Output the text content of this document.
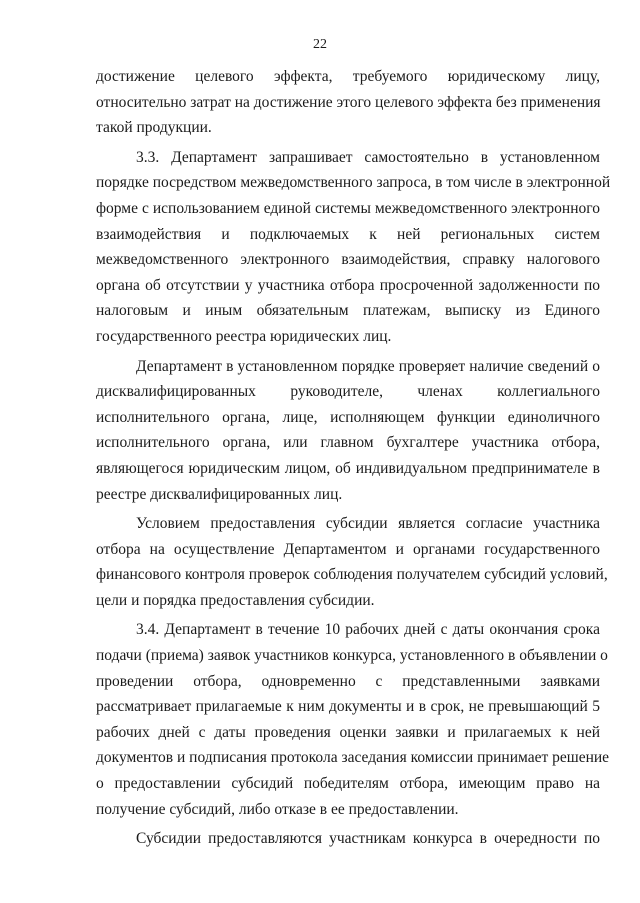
22
достижение целевого эффекта, требуемого юридическому лицу,
относительно затрат на достижение этого целевого эффекта без применения
такой продукции.
3.3. Департамент запрашивает самостоятельно в установленном
порядке посредством межведомственного запроса, в том числе в электронной
форме с использованием единой системы межведомственного электронного
взаимодействия и подключаемых к ней региональных систем
межведомственного электронного взаимодействия, справку налогового
органа об отсутствии у участника отбора просроченной задолженности по
налоговым и иным обязательным платежам, выписку из Единого
государственного реестра юридических лиц.
Департамент в установленном порядке проверяет наличие сведений о
дисквалифицированных руководителе, членах коллегиального
исполнительного органа, лице, исполняющем функции единоличного
исполнительного органа, или главном бухгалтере участника отбора,
являющегося юридическим лицом, об индивидуальном предпринимателе в
реестре дисквалифицированных лиц.
Условием предоставления субсидии является согласие участника
отбора на осуществление Департаментом и органами государственного
финансового контроля проверок соблюдения получателем субсидий условий,
цели и порядка предоставления субсидии.
3.4. Департамент в течение 10 рабочих дней с даты окончания срока
подачи (приема) заявок участников конкурса, установленного в объявлении о
проведении отбора, одновременно с представленными заявками
рассматривает прилагаемые к ним документы и в срок, не превышающий 5
рабочих дней с даты проведения оценки заявки и прилагаемых к ней
документов и подписания протокола заседания комиссии принимает решение
о предоставлении субсидий победителям отбора, имеющим право на
получение субсидий, либо отказе в ее предоставлении.
Субсидии предоставляются участникам конкурса в очередности по
